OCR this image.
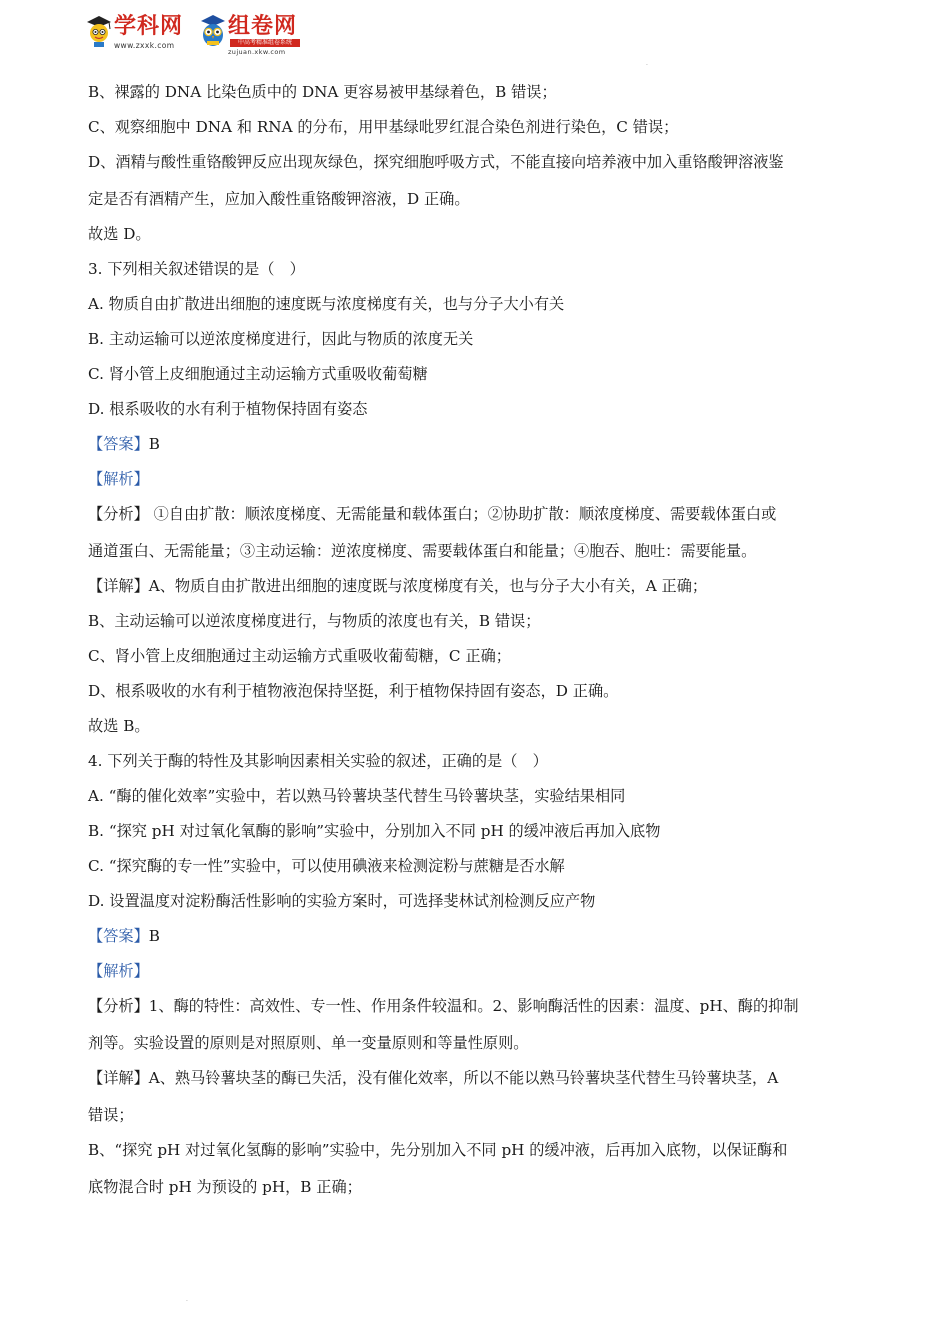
学科网
www.zxxk.com
组卷网
中高考精准组卷系统
zujuan.xkw.com
.
B、裸露的 DNA 比染色质中的 DNA 更容易被甲基绿着色，B 错误；
C、观察细胞中 DNA 和 RNA 的分布，用甲基绿吡罗红混合染色剂进行染色，C 错误；
D、酒精与酸性重铬酸钾反应出现灰绿色，探究细胞呼吸方式，不能直接向培养液中加入重铬酸钾溶液鉴
定是否有酒精产生，应加入酸性重铬酸钾溶液，D 正确。
故选 D。
3. 下列相关叙述错误的是（　）
A. 物质自由扩散进出细胞的速度既与浓度梯度有关，也与分子大小有关
B. 主动运输可以逆浓度梯度进行，因此与物质的浓度无关
C. 肾小管上皮细胞通过主动运输方式重吸收葡萄糖
D. 根系吸收的水有利于植物保持固有姿态
【答案】B
【解析】
【分析】 ①自由扩散：顺浓度梯度、无需能量和载体蛋白；②协助扩散：顺浓度梯度、需要载体蛋白或
通道蛋白、无需能量；③主动运输：逆浓度梯度、需要载体蛋白和能量；④胞吞、胞吐：需要能量。
【详解】A、物质自由扩散进出细胞的速度既与浓度梯度有关，也与分子大小有关，A 正确；
B、主动运输可以逆浓度梯度进行，与物质的浓度也有关，B 错误；
C、肾小管上皮细胞通过主动运输方式重吸收葡萄糖，C 正确；
D、根系吸收的水有利于植物液泡保持坚挺，利于植物保持固有姿态，D 正确。
故选 B。
4. 下列关于酶的特性及其影响因素相关实验的叙述，正确的是（　）
A. “酶的催化效率”实验中，若以熟马铃薯块茎代替生马铃薯块茎，实验结果相同
B. “探究 pH 对过氧化氧酶的影响”实验中，分别加入不同 pH 的缓冲液后再加入底物
C. “探究酶的专一性”实验中，可以使用碘液来检测淀粉与蔗糖是否水解
D. 设置温度对淀粉酶活性影响的实验方案时，可选择斐林试剂检测反应产物
【答案】B
【解析】
【分析】1、酶的特性：高效性、专一性、作用条件较温和。2、影响酶活性的因素：温度、pH、酶的抑制
剂等。实验设置的原则是对照原则、单一变量原则和等量性原则。
【详解】A、熟马铃薯块茎的酶已失活，没有催化效率，所以不能以熟马铃薯块茎代替生马铃薯块茎，A
错误；
B、“探究 pH 对过氧化氢酶的影响”实验中，先分别加入不同 pH 的缓冲液，后再加入底物，以保证酶和
底物混合时 pH 为预设的 pH，B 正确；
.
